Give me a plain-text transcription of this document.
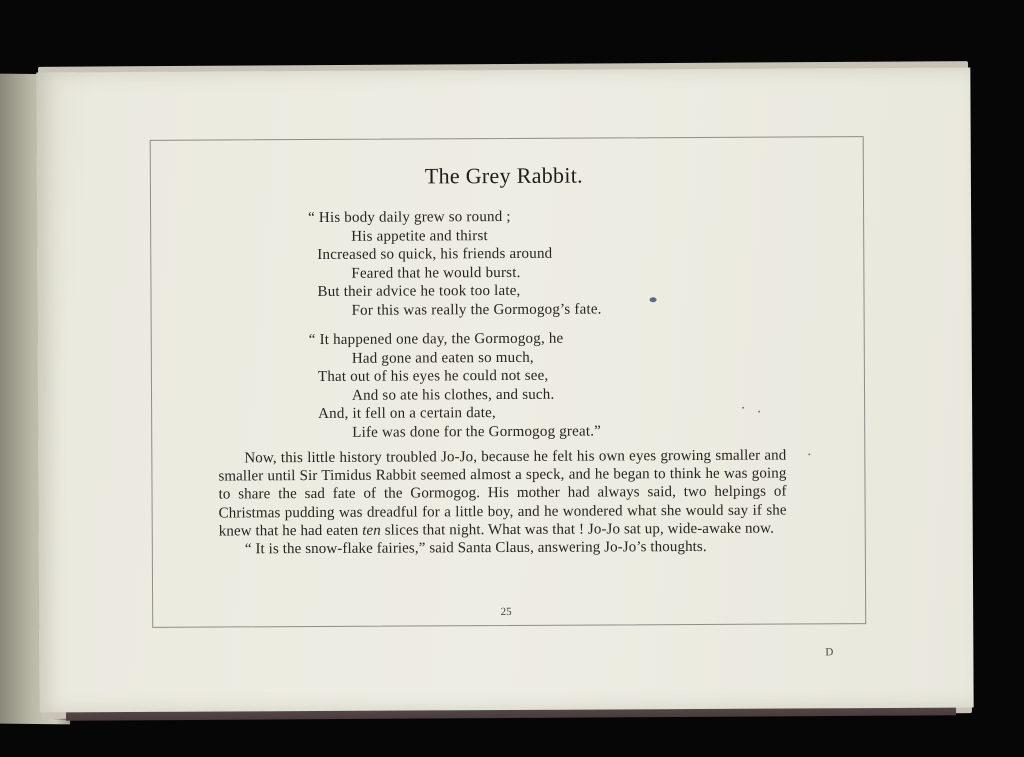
The Grey Rabbit.
“ His body daily grew so round ;
His appetite and thirst
Increased so quick, his friends around
Feared that he would burst.
But their advice he took too late,
For this was really the Gormogog’s fate.
“ It happened one day, the Gormogog, he
Had gone and eaten so much,
That out of his eyes he could not see,
And so ate his clothes, and such.
And, it fell on a certain date,
Life was done for the Gormogog great.”

Now, this little history troubled Jo-Jo, because he felt his own eyes growing smaller and smaller until Sir Timidus Rabbit seemed almost a speck, and he began to think he was going to share the sad fate of the Gormogog. His mother had always said, two helpings of Christmas pudding was dreadful for a little boy, and he wondered what she would say if she knew that he had eaten ten slices that night. What was that ! Jo-Jo sat up, wide-awake now.

“ It is the snow-flake fairies,” said Santa Claus, answering Jo-Jo’s thoughts.

25
D
